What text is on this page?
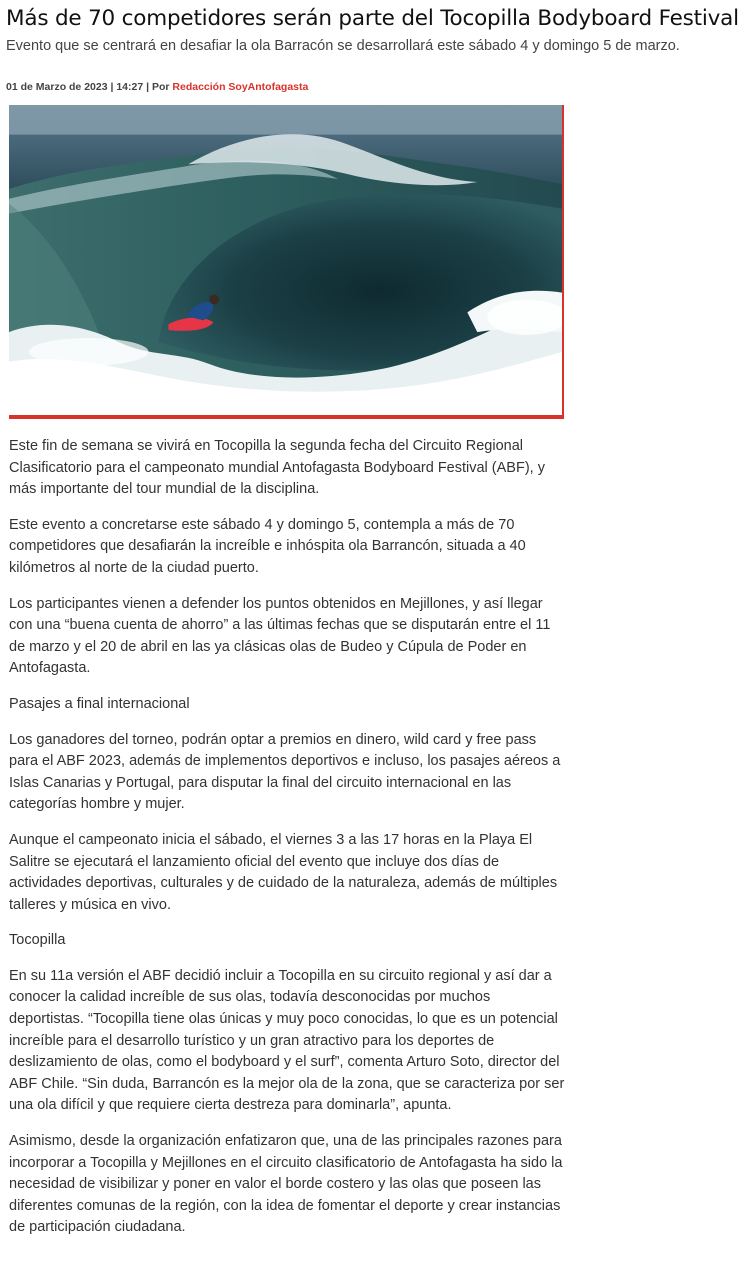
Más de 70 competidores serán parte del Tocopilla Bodyboard Festival
Evento que se centrará en desafiar la ola Barracón se desarrollará este sábado 4 y domingo 5 de marzo.
01 de Marzo de 2023 | 14:27 | Por Redacción SoyAntofagasta

Este fin de semana se vivirá en Tocopilla la segunda fecha del Circuito Regional Clasificatorio para el campeonato mundial Antofagasta Bodyboard Festival (ABF), y más importante del tour mundial de la disciplina.

Este evento a concretarse este sábado 4 y domingo 5, contempla a más de 70 competidores que desafiarán la increíble e inhóspita ola Barrancón, situada a 40 kilómetros al norte de la ciudad puerto.

Los participantes vienen a defender los puntos obtenidos en Mejillones, y así llegar con una “buena cuenta de ahorro” a las últimas fechas que se disputarán entre el 11 de marzo y el 20 de abril en las ya clásicas olas de Budeo y Cúpula de Poder en Antofagasta.

Pasajes a final internacional

Los ganadores del torneo, podrán optar a premios en dinero, wild card y free pass para el ABF 2023, además de implementos deportivos e incluso, los pasajes aéreos a Islas Canarias y Portugal, para disputar la final del circuito internacional en las categorías hombre y mujer.

Aunque el campeonato inicia el sábado, el viernes 3 a las 17 horas en la Playa El Salitre se ejecutará el lanzamiento oficial del evento que incluye dos días de actividades deportivas, culturales y de cuidado de la naturaleza, además de múltiples talleres y música en vivo.

Tocopilla

En su 11a versión el ABF decidió incluir a Tocopilla en su circuito regional y así dar a conocer la calidad increíble de sus olas, todavía desconocidas por muchos deportistas. “Tocopilla tiene olas únicas y muy poco conocidas, lo que es un potencial increíble para el desarrollo turístico y un gran atractivo para los deportes de deslizamiento de olas, como el bodyboard y el surf”, comenta Arturo Soto, director del ABF Chile. “Sin duda, Barrancón es la mejor ola de la zona, que se caracteriza por ser una ola difícil y que requiere cierta destreza para dominarla”, apunta.

Asimismo, desde la organización enfatizaron que, una de las principales razones para incorporar a Tocopilla y Mejillones en el circuito clasificatorio de Antofagasta ha sido la necesidad de visibilizar y poner en valor el borde costero y las olas que poseen las diferentes comunas de la región, con la idea de fomentar el deporte y crear instancias de participación ciudadana.
